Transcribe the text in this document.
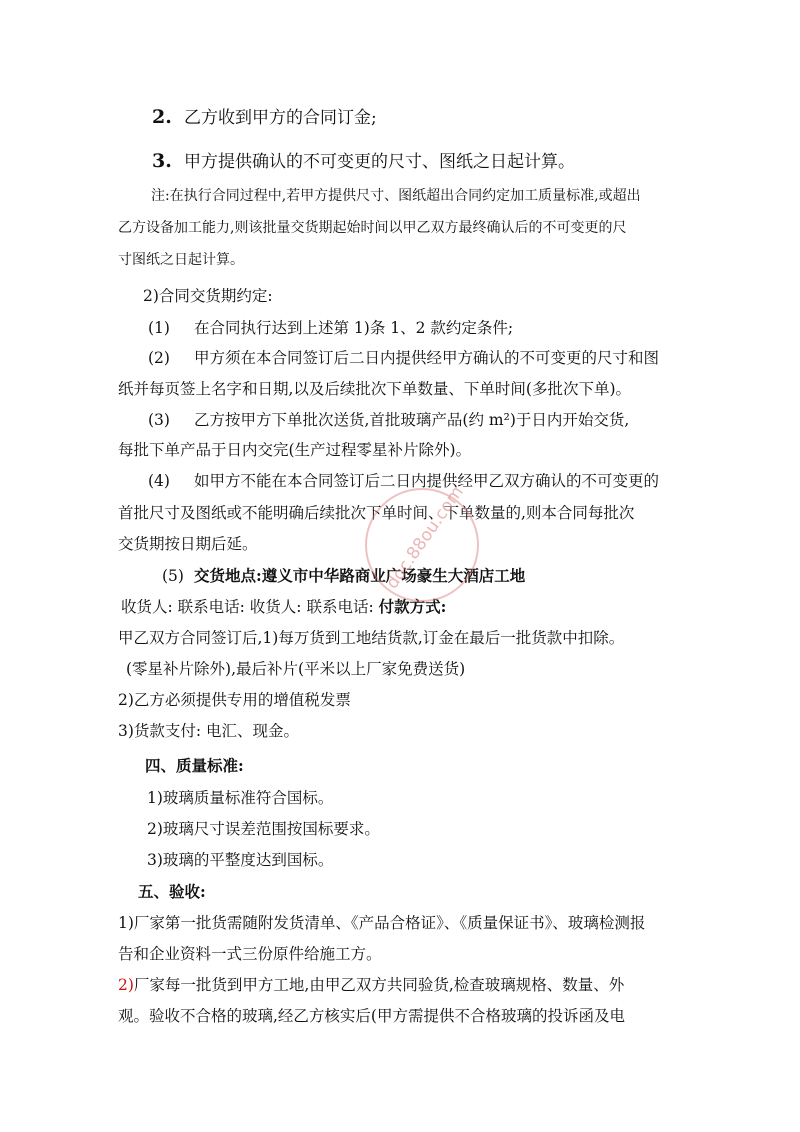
2. 乙方收到甲方的合同订金;
3. 甲方提供确认的不可变更的尺寸、图纸之日起计算。
注:在执行合同过程中,若甲方提供尺寸、图纸超出合同约定加工质量标准,或超出
乙方设备加工能力,则该批量交货期起始时间以甲乙双方最终确认后的不可变更的尺
寸图纸之日起计算。
2)合同交货期约定:
(1) 在合同执行达到上述第 1)条 1、2 款约定条件;
(2) 甲方须在本合同签订后二日内提供经甲方确认的不可变更的尺寸和图
纸并每页签上名字和日期,以及后续批次下单数量、下单时间(多批次下单)。
(3) 乙方按甲方下单批次送货,首批玻璃产品(约 m²)于日内开始交货,
每批下单产品于日内交完(生产过程零星补片除外)。
(4) 如甲方不能在本合同签订后二日内提供经甲乙双方确认的不可变更的
首批尺寸及图纸或不能明确后续批次下单时间、下单数量的,则本合同每批次
交货期按日期后延。
(5) 交货地点:遵义市中华路商业广场豪生大酒店工地
收货人: 联系电话: 收货人: 联系电话: 付款方式:
甲乙双方合同签订后,1)每万货到工地结货款,订金在最后一批货款中扣除。
(零星补片除外),最后补片(平米以上厂家免费送货)
2)乙方必须提供专用的增值税发票
3)货款支付: 电汇、现金。
四、质量标准:
1)玻璃质量标准符合国标。
2)玻璃尺寸误差范围按国标要求。
3)玻璃的平整度达到国标。
五、验收:
1)厂家第一批货需随附发货清单、《产品合格证》、《质量保证书》、玻璃检测报
告和企业资料一式三份原件给施工方。
2)厂家每一批货到甲方工地,由甲乙双方共同验货,检查玻璃规格、数量、外
观。验收不合格的玻璃,经乙方核实后(甲方需提供不合格玻璃的投诉函及电
doc.88ou.com
